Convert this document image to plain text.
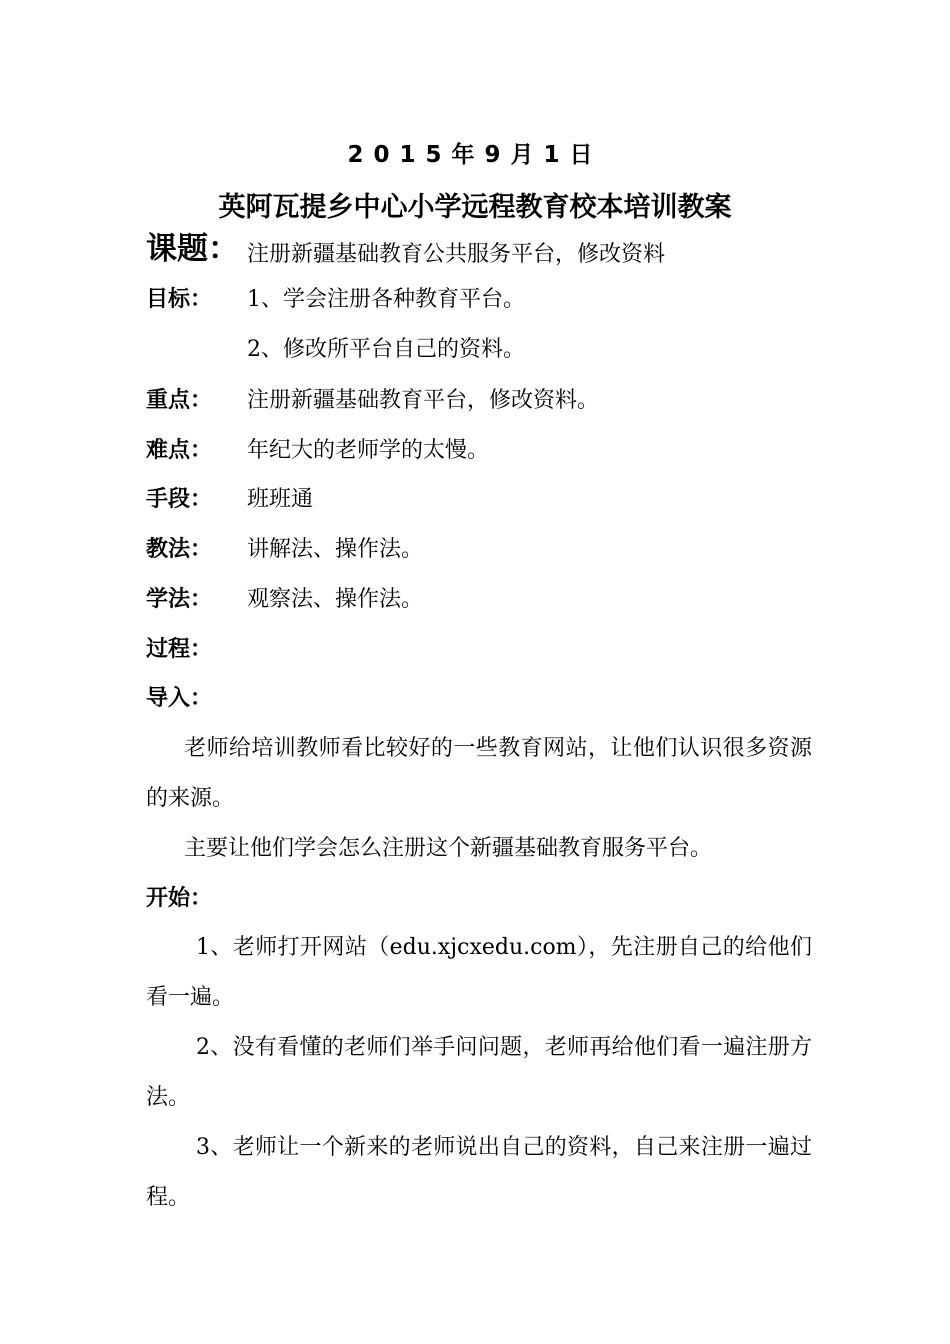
2015年9月1日
英阿瓦提乡中心小学远程教育校本培训教案
课题： 注册新疆基础教育公共服务平台，修改资料
目标： 1、学会注册各种教育平台。
2、修改所平台自己的资料。
重点： 注册新疆基础教育平台，修改资料。
难点： 年纪大的老师学的太慢。
手段： 班班通
教法： 讲解法、操作法。
学法： 观察法、操作法。
过程：
导入：
老师给培训教师看比较好的一些教育网站，让他们认识很多资源的来源。
主要让他们学会怎么注册这个新疆基础教育服务平台。
开始：
1、老师打开网站（edu.xjcxedu.com），先注册自己的给他们看一遍。
2、没有看懂的老师们举手问问题，老师再给他们看一遍注册方法。
3、老师让一个新来的老师说出自己的资料，自己来注册一遍过程。
